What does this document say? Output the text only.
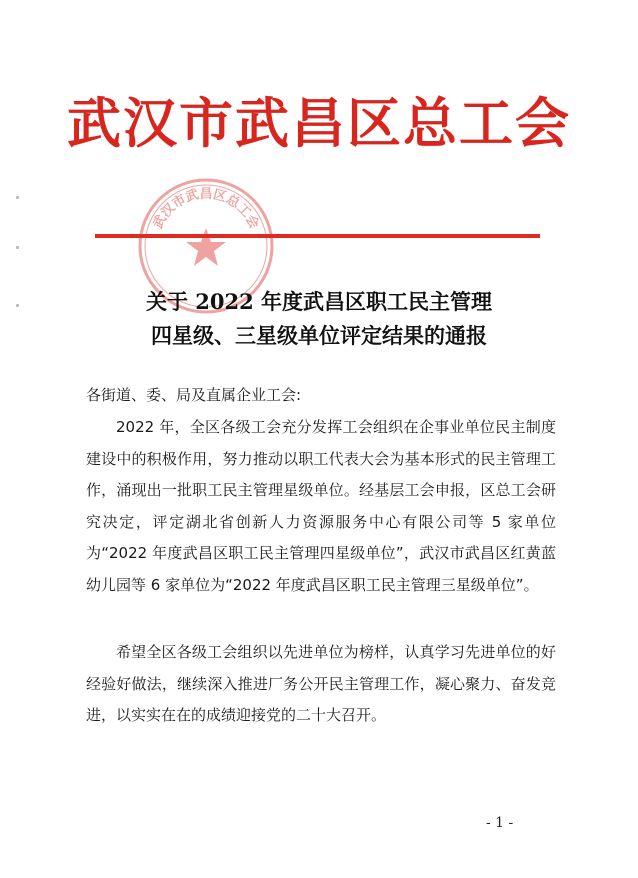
武汉市武昌区总工会
武汉市武昌区总工会
关于 2022 年度武昌区职工民主管理
四星级、三星级单位评定结果的通报
各街道、委、局及直属企业工会:

2022 年，全区各级工会充分发挥工会组织在企事业单位民主制度建设中的积极作用，努力推动以职工代表大会为基本形式的民主管理工作，涌现出一批职工民主管理星级单位。经基层工会申报，区总工会研究决定，评定湖北省创新人力资源服务中心有限公司等 5 家单位为“2022 年度武昌区职工民主管理四星级单位”，武汉市武昌区红黄蓝幼儿园等 6 家单位为“2022 年度武昌区职工民主管理三星级单位”。

希望全区各级工会组织以先进单位为榜样，认真学习先进单位的好经验好做法，继续深入推进厂务公开民主管理工作，凝心聚力、奋发竞进，以实实在在的成绩迎接党的二十大召开。

- 1 -
